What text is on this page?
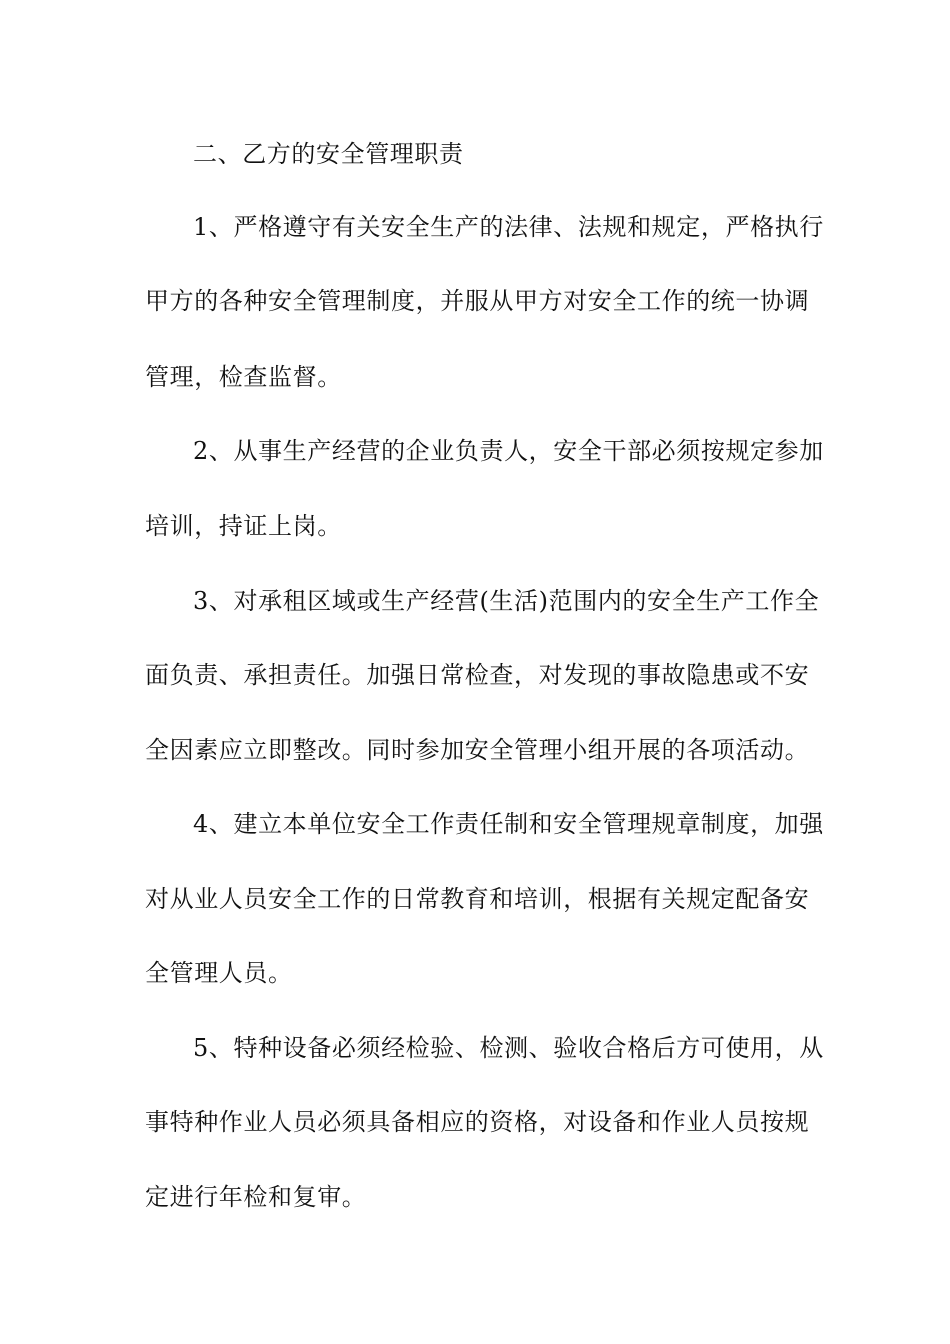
二、乙方的安全管理职责
1、严格遵守有关安全生产的法律、法规和规定，严格执行
甲方的各种安全管理制度，并服从甲方对安全工作的统一协调
管理，检查监督。
2、从事生产经营的企业负责人，安全干部必须按规定参加
培训，持证上岗。
3、对承租区域或生产经营(生活)范围内的安全生产工作全
面负责、承担责任。加强日常检查，对发现的事故隐患或不安
全因素应立即整改。同时参加安全管理小组开展的各项活动。
4、建立本单位安全工作责任制和安全管理规章制度，加强
对从业人员安全工作的日常教育和培训，根据有关规定配备安
全管理人员。
5、特种设备必须经检验、检测、验收合格后方可使用，从
事特种作业人员必须具备相应的资格，对设备和作业人员按规
定进行年检和复审。
